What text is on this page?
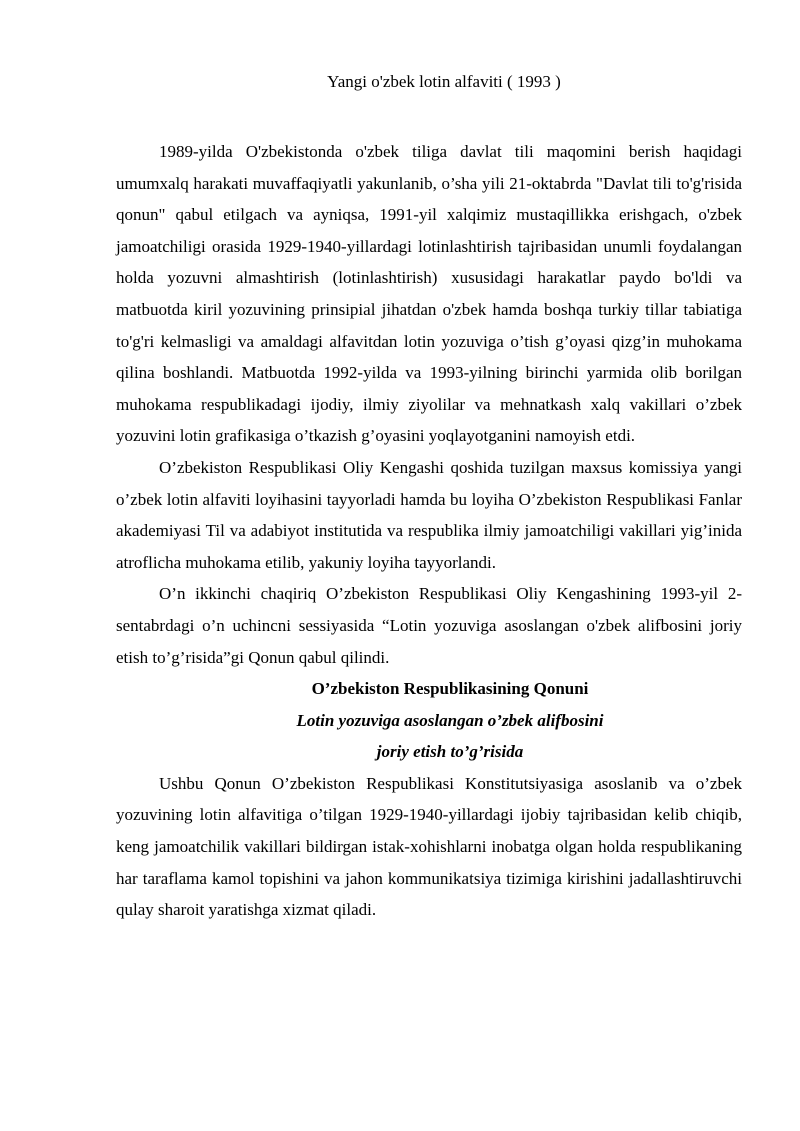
Yangi o'zbek lotin alfaviti ( 1993 )

1989-yilda O'zbekistonda o'zbek tiliga davlat tili maqomini berish haqidagi umumxalq harakati muvaffaqiyatli yakunlanib, o’sha yili 21-oktabrda "Davlat tili to'g'risida qonun" qabul etilgach va ayniqsa, 1991-yil xalqimiz mustaqillikka erishgach, o'zbek jamoatchiligi orasida 1929-1940-yillardagi lotinlashtirish tajribasidan unumli foydalangan holda yozuvni almashtirish (lotinlashtirish) xususidagi harakatlar paydo bo'ldi va matbuotda kiril yozuvining prinsipial jihatdan o'zbek hamda boshqa turkiy tillar tabiatiga to'g'ri kelmasligi va amaldagi alfavitdan lotin yozuviga o’tish g’oyasi qizg’in muhokama qilina boshlandi. Matbuotda 1992-yilda va 1993-yilning birinchi yarmida olib borilgan muhokama respublikadagi ijodiy, ilmiy ziyolilar va mehnatkash xalq vakillari o’zbek yozuvini lotin grafikasiga o’tkazish g’oyasini yoqlayotganini namoyish etdi.

O’zbekiston Respublikasi Oliy Kengashi qoshida tuzilgan maxsus komissiya yangi o’zbek lotin alfaviti loyihasini tayyorladi hamda bu loyiha O’zbekiston Respublikasi Fanlar akademiyasi Til va adabiyot institutida va respublika ilmiy jamoatchiligi vakillari yig’inida atroflicha muhokama etilib, yakuniy loyiha tayyorlandi.

O’n ikkinchi chaqiriq O’zbekiston Respublikasi Oliy Kengashining 1993-yil 2-sentabrdagi o’n uchincni sessiyasida “Lotin yozuviga asoslangan o'zbek alifbosini joriy etish to’g’risida”gi Qonun qabul qilindi.

O’zbekiston Respublikasining Qonuni

Lotin yozuviga asoslangan o’zbek alifbosini

joriy etish to’g’risida

Ushbu Qonun O’zbekiston Respublikasi Konstitutsiyasiga asoslanib va o’zbek yozuvining lotin alfavitiga o’tilgan 1929-1940-yillardagi ijobiy tajribasidan kelib chiqib, keng jamoatchilik vakillari bildirgan istak-xohishlarni inobatga olgan holda respublikaning har taraflama kamol topishini va jahon kommunikatsiya tizimiga kirishini jadallashtiruvchi qulay sharoit yaratishga xizmat qiladi.
